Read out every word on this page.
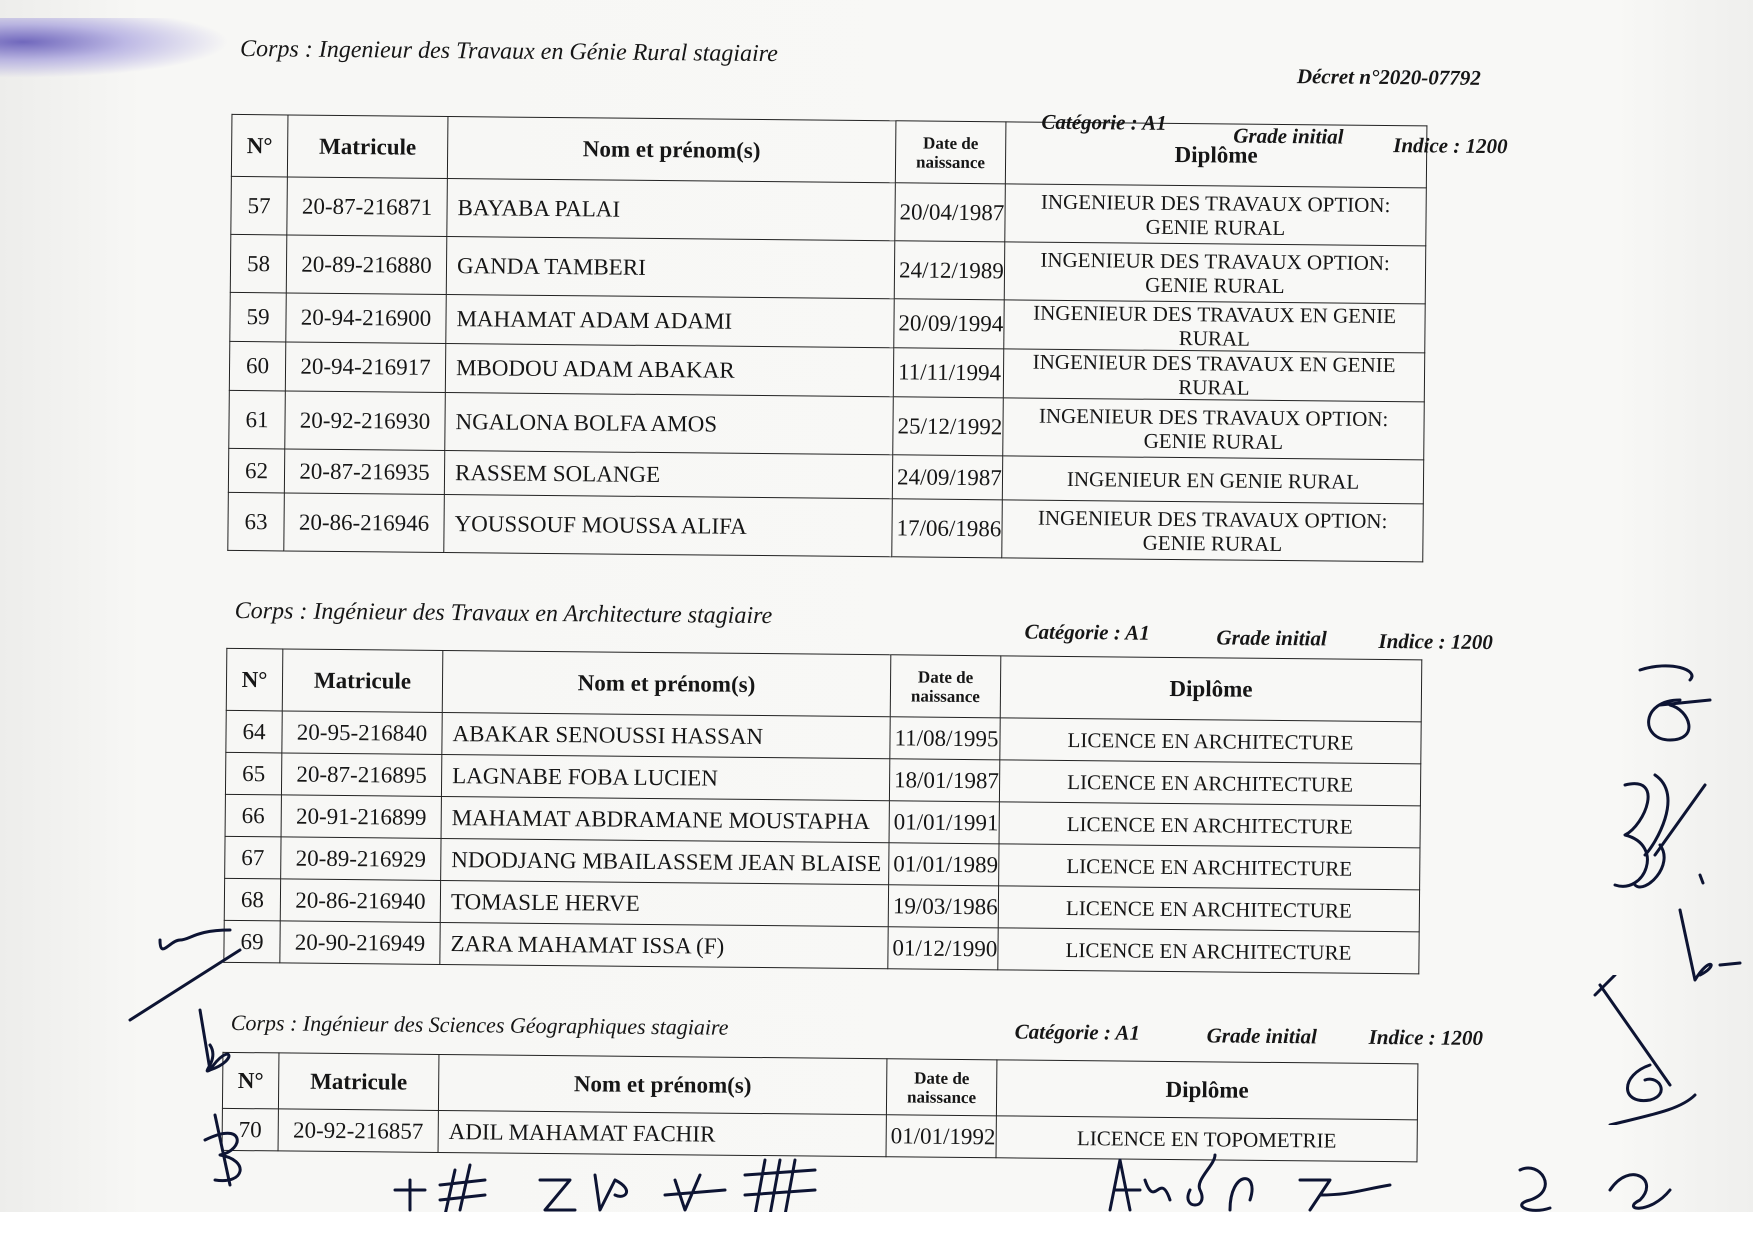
Corps : Ingenieur des Travaux en Génie Rural stagiaire
Décret n°2020-07792
Catégorie : A1
Grade initial Indice : 1200
N°	Matricule	Nom et prénom(s)	Date de naissance	Diplôme
57	20-87-216871	BAYABA PALAI	20/04/1987	INGENIEUR DES TRAVAUX OPTION: GENIE RURAL
58	20-89-216880	GANDA TAMBERI	24/12/1989	INGENIEUR DES TRAVAUX OPTION: GENIE RURAL
59	20-94-216900	MAHAMAT ADAM ADAMI	20/09/1994	INGENIEUR DES TRAVAUX EN GENIE RURAL
60	20-94-216917	MBODOU ADAM ABAKAR	11/11/1994	INGENIEUR DES TRAVAUX EN GENIE RURAL
61	20-92-216930	NGALONA BOLFA AMOS	25/12/1992	INGENIEUR DES TRAVAUX OPTION: GENIE RURAL
62	20-87-216935	RASSEM SOLANGE	24/09/1987	INGENIEUR EN GENIE RURAL
63	20-86-216946	YOUSSOUF MOUSSA ALIFA	17/06/1986	INGENIEUR DES TRAVAUX OPTION: GENIE RURAL
Corps : Ingénieur des Travaux en Architecture stagiaire
Catégorie : A1	Grade initial Indice : 1200
N°	Matricule	Nom et prénom(s)	Date de naissance	Diplôme
64	20-95-216840	ABAKAR SENOUSSI HASSAN	11/08/1995	LICENCE EN ARCHITECTURE
65	20-87-216895	LAGNABE FOBA LUCIEN	18/01/1987	LICENCE EN ARCHITECTURE
66	20-91-216899	MAHAMAT ABDRAMANE MOUSTAPHA	01/01/1991	LICENCE EN ARCHITECTURE
67	20-89-216929	NDODJANG MBAILASSEM JEAN BLAISE	01/01/1989	LICENCE EN ARCHITECTURE
68	20-86-216940	TOMASLE HERVE	19/03/1986	LICENCE EN ARCHITECTURE
69	20-90-216949	ZARA MAHAMAT ISSA (F)	01/12/1990	LICENCE EN ARCHITECTURE
Corps : Ingénieur des Sciences Géographiques stagiaire	Catégorie : A1	Grade initial Indice : 1200
N°	Matricule	Nom et prénom(s)	Date de naissance	Diplôme
70	20-92-216857	ADIL MAHAMAT FACHIR	01/01/1992	LICENCE EN TOPOMETRIE
